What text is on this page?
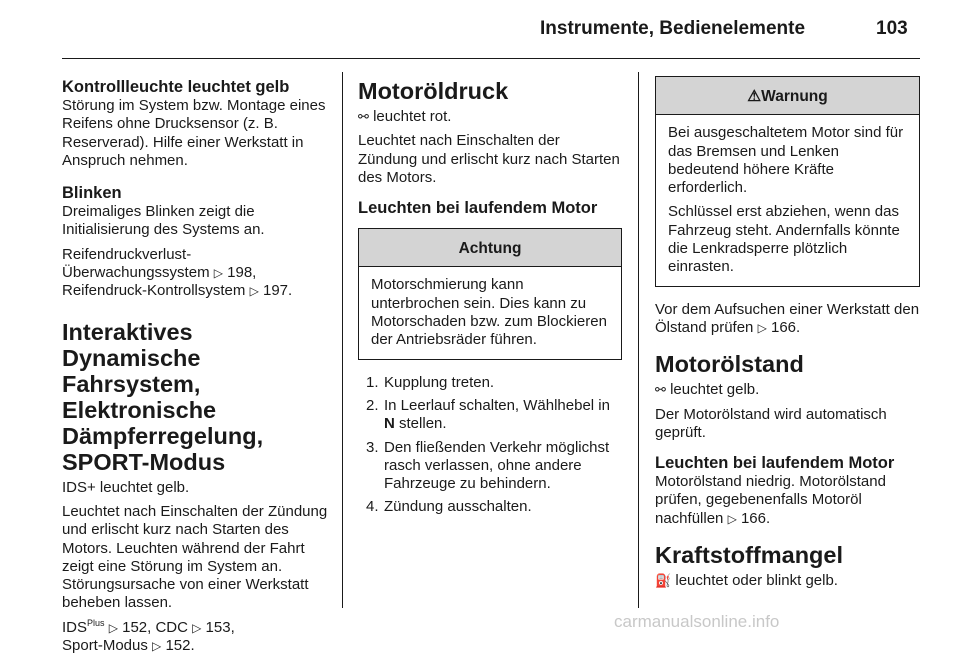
Instrumente, Bedienelemente	103
Kontrollleuchte leuchtet gelb

Störung im System bzw. Montage eines Reifens ohne Drucksensor (z. B. Reserverad). Hilfe einer Werkstatt in Anspruch nehmen.

Blinken

Dreimaliges Blinken zeigt die Initialisierung des Systems an.

Reifendruckverlust-Überwachungssystem ▷ 198, Reifendruck-Kontrollsystem ▷ 197.

Interaktives Dynamische Fahrsystem, Elektronische Dämpferregelung, SPORT-Modus

IDS+ leuchtet gelb.

Leuchtet nach Einschalten der Zündung und erlischt kurz nach Starten des Motors. Leuchten während der Fahrt zeigt eine Störung im System an. Störungsursache von einer Werkstatt beheben lassen.

$IDS^{Plus}$ ▷ 152, CDC ▷ 153,
Sport-Modus ▷ 152.

Motoröldruck

⚯ leuchtet rot.

Leuchtet nach Einschalten der Zündung und erlischt kurz nach Starten des Motors.

Leuchten bei laufendem Motor
Achtung
Motorschmierung kann unterbrochen sein. Dies kann zu Motorschaden bzw. zum Blockieren der Antriebsräder führen.
1. Kupplung treten.
2. In Leerlauf schalten, Wählhebel in N stellen.
3. Den fließenden Verkehr möglichst rasch verlassen, ohne andere Fahrzeuge zu behindern.
4. Zündung ausschalten.
⚠Warnung

Bei ausgeschaltetem Motor sind für das Bremsen und Lenken bedeutend höhere Kräfte erforderlich.

Schlüssel erst abziehen, wenn das Fahrzeug steht. Andernfalls könnte die Lenkradsperre plötzlich einrasten.

Vor dem Aufsuchen einer Werkstatt den Ölstand prüfen ▷ 166.

Motorölstand

⚯ leuchtet gelb.

Der Motorölstand wird automatisch geprüft.

Leuchten bei laufendem Motor

Motorölstand niedrig. Motorölstand prüfen, gegebenenfalls Motoröl nachfüllen ▷ 166.

Kraftstoffmangel

⛽ leuchtet oder blinkt gelb.

carmanualsonline.info
